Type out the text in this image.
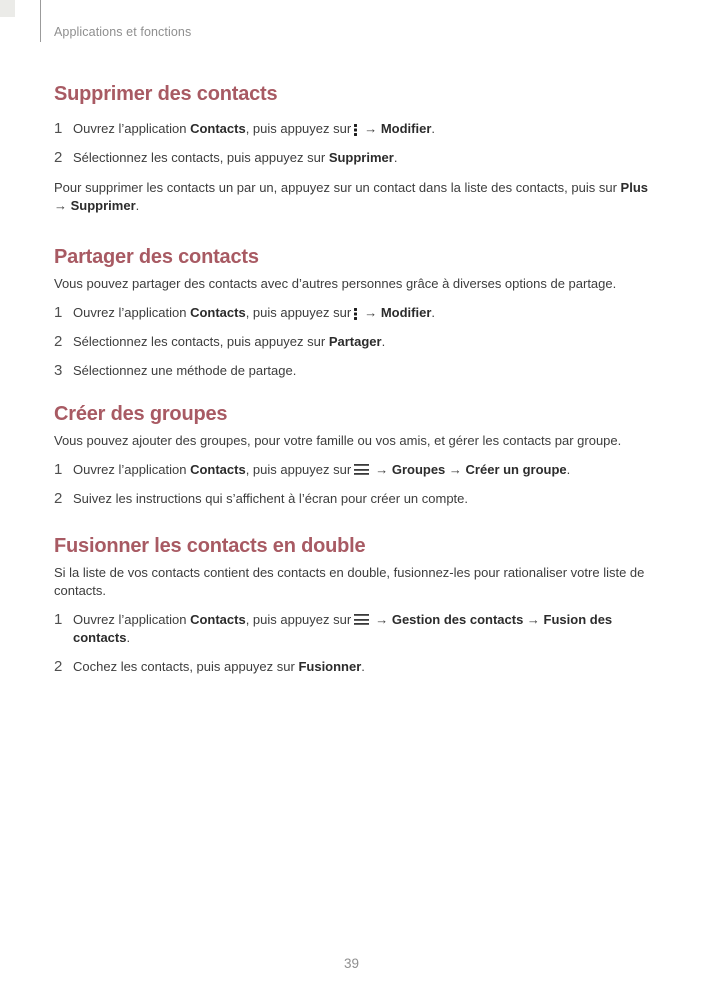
Applications et fonctions
Supprimer des contacts
1 Ouvrez l’application Contacts, puis appuyez sur → Modifier.
2 Sélectionnez les contacts, puis appuyez sur Supprimer.

Pour supprimer les contacts un par un, appuyez sur un contact dans la liste des contacts, puis sur Plus → Supprimer.

Partager des contacts

Vous pouvez partager des contacts avec d’autres personnes grâce à diverses options de partage.

1 Ouvrez l’application Contacts, puis appuyez sur → Modifier.
2 Sélectionnez les contacts, puis appuyez sur Partager.
3 Sélectionnez une méthode de partage.
Créer des groupes

Vous pouvez ajouter des groupes, pour votre famille ou vos amis, et gérer les contacts par groupe.

1 Ouvrez l’application Contacts, puis appuyez sur → Groupes → Créer un groupe.
2 Suivez les instructions qui s’affichent à l’écran pour créer un compte.
Fusionner les contacts en double

Si la liste de vos contacts contient des contacts en double, fusionnez-les pour rationaliser votre liste de contacts.

1 Ouvrez l’application Contacts, puis appuyez sur → Gestion des contacts → Fusion des contacts.
2 Cochez les contacts, puis appuyez sur Fusionner.
39
